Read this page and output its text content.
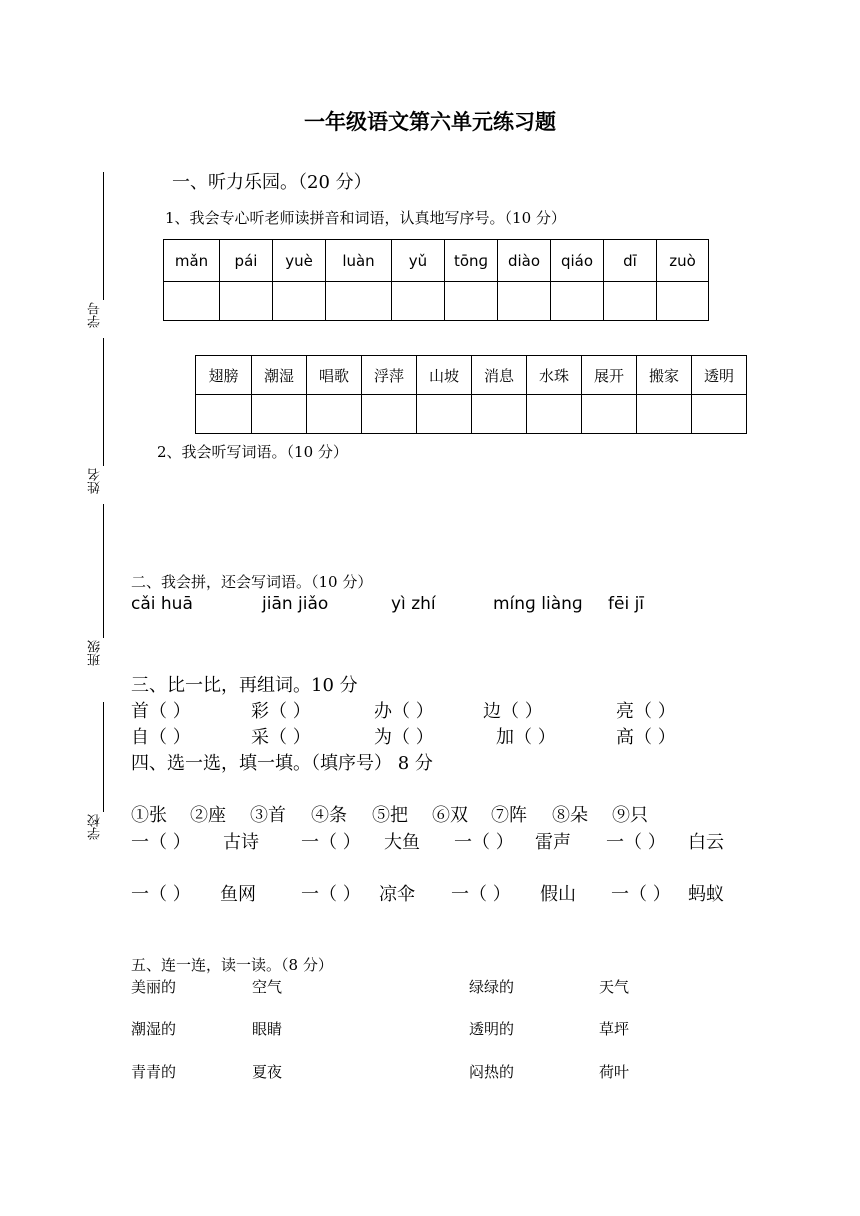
一年级语文第六单元练习题
学号
姓名
班级
学校
一、听力乐园。（20 分）
1、我会专心听老师读拼音和词语，认真地写序号。（10 分）
mǎn	pái	yuè	luàn	yǔ	tōnɡ	diào	qiáo	dī	zuò

翅膀	潮湿	唱歌	浮萍	山坡	消息	水珠	展开	搬家	透明

2、我会听写词语。（10 分）
二、我会拼，还会写词语。（10 分）
cǎi huā	jiān jiǎo	yì zhí	mínɡ liànɡ fēi jī
三、比一比，再组词。10 分
首（ ）	彩（ ）	办（ ）	边（ ）	亮（ ）
自（ ）	采（ ）	为（ ）	加（ ）	高（ ）
四、选一选，填一填。（填序号） 8 分
①张 ②座 ③首 ④条 ⑤把 ⑥双 ⑦阵 ⑧朵 ⑨只
一（ ） 古诗 一（ ） 大鱼 一（ ） 雷声 一（ ） 白云
一（ ） 鱼网	一（ ） 凉伞 一（ ） 假山 一（ ） 蚂蚁
五、连一连，读一读。（8 分）
美丽的	空气	绿绿的	天气
潮湿的	眼睛	透明的	草坪
青青的	夏夜	闷热的	荷叶
